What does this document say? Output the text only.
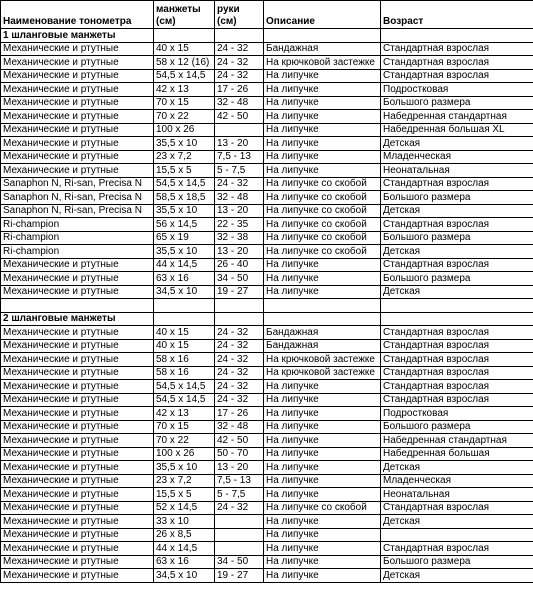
Наименование тонометра	манжеты (см)	руки (см)	Описание	Возраст
1 шланговые манжеты				
Механические и ртутные	40 x 15	24 - 32	Бандажная	Стандартная взрослая
Механические и ртутные	58 x 12 (16)	24 - 32	На крючковой застежке	Стандартная взрослая
Механические и ртутные	54,5 x 14,5	24 - 32	На липучке	Стандартная взрослая
Механические и ртутные	42 x 13	17 - 26	На липучке	Подростковая
Механические и ртутные	70 x 15	32 - 48	На липучке	Большого размера
Механические и ртутные	70 x 22	42 - 50	На липучке	Набедренная стандартная
Механические и ртутные	100 x 26		На липучке	Набедренная большая XL
Механические и ртутные	35,5 x 10	13 - 20	На липучке	Детская
Механические и ртутные	23 x 7,2	7,5 - 13	На липучке	Младенческая
Механические и ртутные	15,5 x 5	5 - 7,5	На липучке	Неонатальная
Sanaphon N, Ri-san, Precisa N	54,5 x 14,5	24 - 32	На липучке со скобой	Стандартная взрослая
Sanaphon N, Ri-san, Precisa N	58,5 x 18,5	32 - 48	На липучке со скобой	Большого размера
Sanaphon N, Ri-san, Precisa N	35,5 x 10	13 - 20	На липучке со скобой	Детская
Ri-champion	56 x 14,5	22 - 35	На липучке со скобой	Стандартная взрослая
Ri-champion	65 x 19	32 - 38	На липучке со скобой	Большого размера
Ri-champion	35,5 x 10	13 - 20	На липучке со скобой	Детская
Механические и ртутные	44 x 14,5	26 - 40	На липучке	Стандартная взрослая
Механические и ртутные	63 x 16	34 - 50	На липучке	Большого размера
Механические и ртутные	34,5 x 10	19 - 27	На липучке	Детская

2 шланговые манжеты				
Механические и ртутные	40 x 15	24 - 32	Бандажная	Стандартная взрослая
Механические и ртутные	40 x 15	24 - 32	Бандажная	Стандартная взрослая
Механические и ртутные	58 x 16	24 - 32	На крючковой застежке	Стандартная взрослая
Механические и ртутные	58 x 16	24 - 32	На крючковой застежке	Стандартная взрослая
Механические и ртутные	54,5 x 14,5	24 - 32	На липучке	Стандартная взрослая
Механические и ртутные	54,5 x 14,5	24 - 32	На липучке	Стандартная взрослая
Механические и ртутные	42 x 13	17 - 26	На липучке	Подростковая
Механические и ртутные	70 x 15	32 - 48	На липучке	Большого размера
Механические и ртутные	70 x 22	42 - 50	На липучке	Набедренная стандартная
Механические и ртутные	100 x 26	50 - 70	На липучке	Набедренная большая
Механические и ртутные	35,5 x 10	13 - 20	На липучке	Детская
Механические и ртутные	23 x 7,2	7,5 - 13	На липучке	Младенческая
Механические и ртутные	15,5 x 5	5 - 7,5	На липучке	Неонатальная
Механические и ртутные	52 x 14,5	24 - 32	На липучке со скобой	Стандартная взрослая
Механические и ртутные	33 x 10		На липучке	Детская
Механические и ртутные	26 x 8,5		На липучке	
Механические и ртутные	44 x 14,5		На липучке	Стандартная взрослая
Механические и ртутные	63 x 16	34 - 50	На липучке	Большого размера
Механические и ртутные	34,5 x 10	19 - 27	На липучке	Детская
